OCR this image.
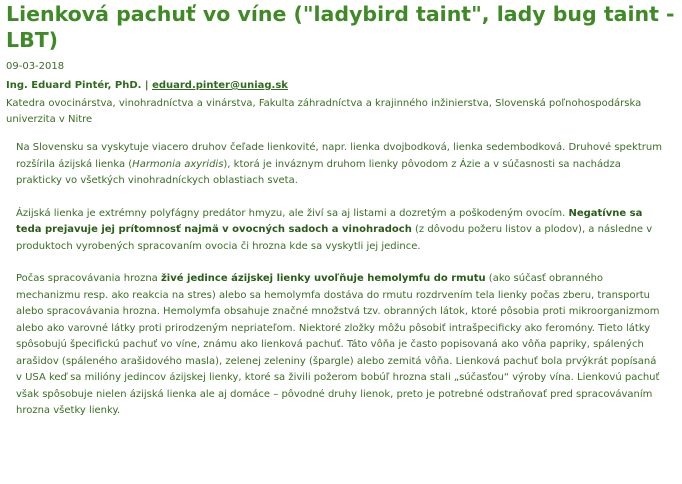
Lienková pachuť vo víne ("ladybird taint", lady bug taint - LBT)
09-03-2018
Ing. Eduard Pintér, PhD. | eduard.pinter@uniag.sk
Katedra ovocinárstva, vinohradníctva a vinárstva, Fakulta záhradníctva a krajinného inžinierstva, Slovenská poľnohospodárska univerzita v Nitre

Na Slovensku sa vyskytuje viacero druhov čeľade lienkovité, napr. lienka dvojbodková, lienka sedembodková. Druhové spektrum rozšírila ázijská lienka (Harmonia axyridis), ktorá je inváznym druhom lienky pôvodom z Ázie a v súčasnosti sa nachádza prakticky vo všetkých vinohradníckych oblastiach sveta.

Ázijská lienka je extrémny polyfágny predátor hmyzu, ale živí sa aj listami a dozretým a poškodeným ovocím. Negatívne sa teda prejavuje jej prítomnosť najmä v ovocných sadoch a vinohradoch (z dôvodu požeru listov a plodov), a následne v produktoch vyrobených spracovaním ovocia či hrozna kde sa vyskytli jej jedince.

Počas spracovávania hrozna živé jedince ázijskej lienky uvoľňuje hemolymfu do rmutu (ako súčasť obranného mechanizmu resp. ako reakcia na stres) alebo sa hemolymfa dostáva do rmutu rozdrvením tela lienky počas zberu, transportu alebo spracovávania hrozna. Hemolymfa obsahuje značné množstvá tzv. obranných látok, ktoré pôsobia proti mikroorganizmom alebo ako varovné látky proti prirodzeným nepriateľom. Niektoré zložky môžu pôsobiť intrašpecificky ako feromóny. Tieto látky spôsobujú špecifickú pachuť vo víne, známu ako lienková pachuť. Táto vôňa je často popisovaná ako vôňa papriky, spálených arašidov (spáleného arašidového masla), zelenej zeleniny (špargle) alebo zemitá vôňa. Lienková pachuť bola prvýkrát popísaná v USA keď sa milióny jedincov ázijskej lienky, ktoré sa živili požerom bobúľ hrozna stali „súčasťou“ výroby vína. Lienkovú pachuť však spôsobuje nielen ázijská lienka ale aj domáce – pôvodné druhy lienok, preto je potrebné odstraňovať pred spracovávaním hrozna všetky lienky.
